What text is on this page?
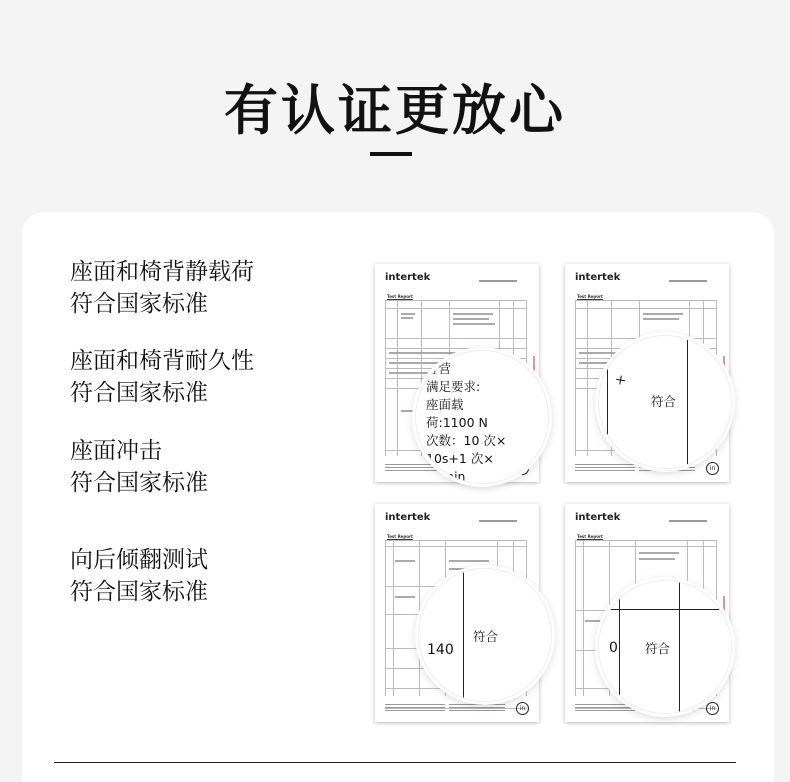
有认证更放心
座面和椅背静载荷
符合国家标准
座面和椅背耐久性
符合国家标准
座面冲击
符合国家标准
向后倾翻测试
符合国家标准
intertek
Test Report
intertek
Test Report
in
intertek
Test Report
in
intertek
Test Report
in
野营
满足要求:
座面载
荷:1100 N
次数：10 次×
10s+1 次×
20min
×
符合
140
符合
0 符合
